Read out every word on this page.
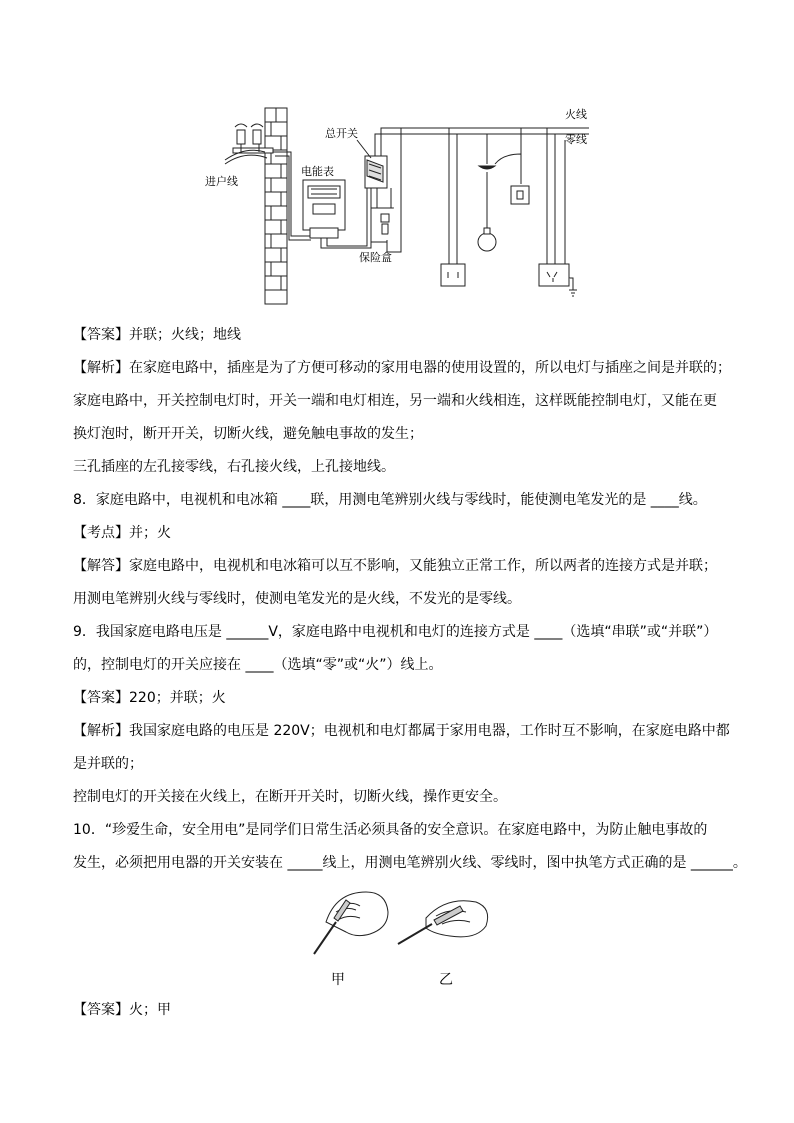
进户线
电能表
总开关
保险盒
火线
零线
【答案】并联；火线；地线
【解析】在家庭电路中，插座是为了方便可移动的家用电器的使用设置的，所以电灯与插座之间是并联的；
家庭电路中，开关控制电灯时，开关一端和电灯相连，另一端和火线相连，这样既能控制电灯，又能在更
换灯泡时，断开开关，切断火线，避免触电事故的发生；
三孔插座的左孔接零线，右孔接火线，上孔接地线。
8．家庭电路中，电视机和电冰箱 ____联，用测电笔辨别火线与零线时，能使测电笔发光的是 ____线。
【考点】并；火
【解答】家庭电路中，电视机和电冰箱可以互不影响，又能独立正常工作，所以两者的连接方式是并联；
用测电笔辨别火线与零线时，使测电笔发光的是火线，不发光的是零线。
9．我国家庭电路电压是 ______V，家庭电路中电视机和电灯的连接方式是 ____（选填“串联”或“并联”）
的，控制电灯的开关应接在 ____（选填“零”或“火”）线上。
【答案】220；并联；火
【解析】我国家庭电路的电压是 220V；电视机和电灯都属于家用电器，工作时互不影响，在家庭电路中都
是并联的；
控制电灯的开关接在火线上，在断开开关时，切断火线，操作更安全。
10．“珍爱生命，安全用电”是同学们日常生活必须具备的安全意识。在家庭电路中，为防止触电事故的
发生，必须把用电器的开关安装在 _____线上，用测电笔辨别火线、零线时，图中执笔方式正确的是 ______。
甲	乙
【答案】火；甲
